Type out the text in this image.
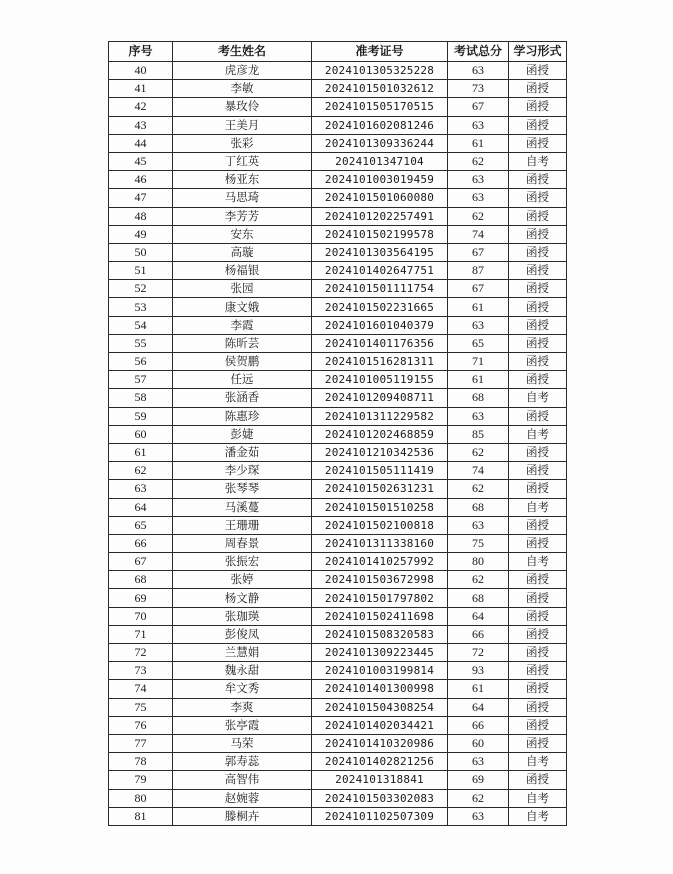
序号	考生姓名	准考证号	考试总分	学习形式
40	虎彦龙	2024101305325228	63	函授
41	李敏	2024101501032612	73	函授
42	暴玫伶	2024101505170515	67	函授
43	王美月	2024101602081246	63	函授
44	张彩	2024101309336244	61	函授
45	丁红英	2024101347104	62	自考
46	杨亚东	2024101003019459	63	函授
47	马思琦	2024101501060080	63	函授
48	李芳芳	2024101202257491	62	函授
49	安东	2024101502199578	74	函授
50	高璇	2024101303564195	67	函授
51	杨福银	2024101402647751	87	函授
52	张园	2024101501111754	67	函授
53	康文娥	2024101502231665	61	函授
54	李霞	2024101601040379	63	函授
55	陈昕芸	2024101401176356	65	函授
56	侯贺鹏	2024101516281311	71	函授
57	任远	2024101005119155	61	函授
58	张涵香	2024101209408711	68	自考
59	陈惠珍	2024101311229582	63	函授
60	彭婕	2024101202468859	85	自考
61	潘金茹	2024101210342536	62	函授
62	李少琛	2024101505111419	74	函授
63	张琴琴	2024101502631231	62	函授
64	马溪蔓	2024101501510258	68	自考
65	王珊珊	2024101502100818	63	函授
66	周春景	2024101311338160	75	函授
67	张振宏	2024101410257992	80	自考
68	张婷	2024101503672998	62	函授
69	杨文静	2024101501797802	68	函授
70	张珈瑛	2024101502411698	64	函授
71	彭俊凤	2024101508320583	66	函授
72	兰慧娟	2024101309223445	72	函授
73	魏永甜	2024101003199814	93	函授
74	牟文秀	2024101401300998	61	函授
75	李爽	2024101504308254	64	函授
76	张亭霞	2024101402034421	66	函授
77	马荣	2024101410320986	60	函授
78	郭寿蕊	2024101402821256	63	自考
79	高智伟	2024101318841	69	函授
80	赵婉蓉	2024101503302083	62	自考
81	滕桐卉	2024101102507309	63	自考
